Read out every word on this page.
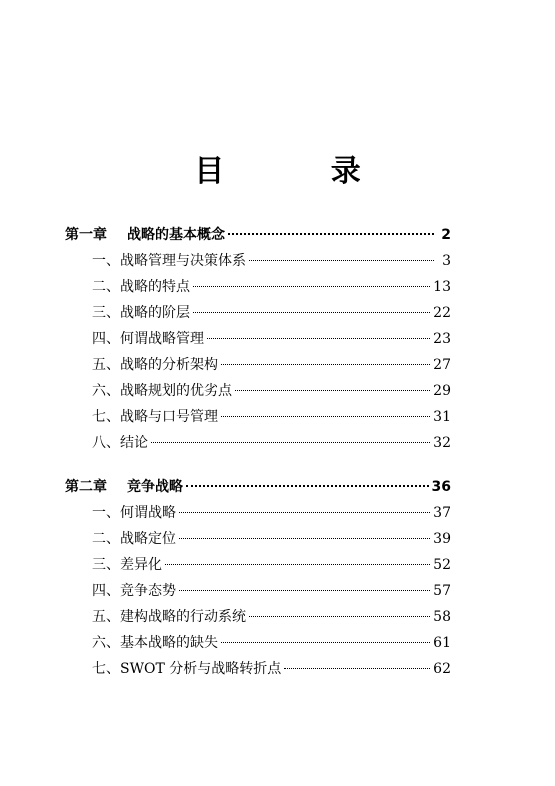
目 录
第一章	战略的基本概念	2
一、战略管理与决策体系	3
二、战略的特点	13
三、战略的阶层	22
四、何谓战略管理	23
五、战略的分析架构	27
六、战略规划的优劣点	29
七、战略与口号管理	31
八、结论	32
第二章	竞争战略	36
一、何谓战略	37
二、战略定位	39
三、差异化	52
四、竞争态势	57
五、建构战略的行动系统	58
六、基本战略的缺失	61
七、SWOT 分析与战略转折点	62
